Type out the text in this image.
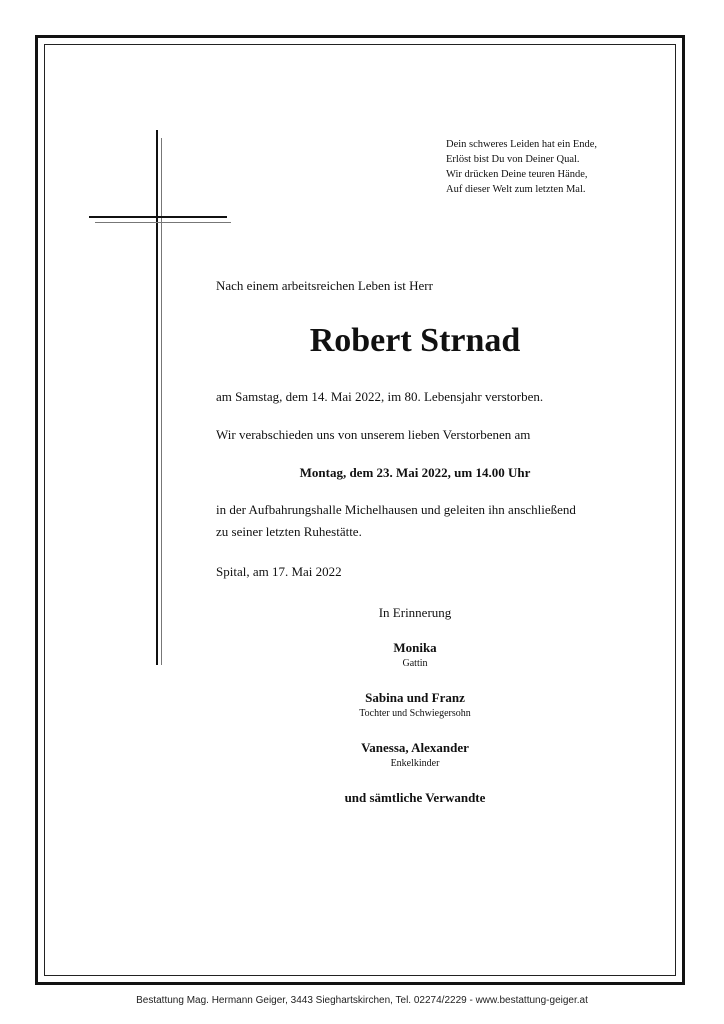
Dein schweres Leiden hat ein Ende,
Erlöst bist Du von Deiner Qual.
Wir drücken Deine teuren Hände,
Auf dieser Welt zum letzten Mal.
Nach einem arbeitsreichen Leben ist Herr
Robert Strnad
am Samstag, dem 14. Mai 2022, im 80. Lebensjahr verstorben.
Wir verabschieden uns von unserem lieben Verstorbenen am
Montag, dem 23. Mai 2022, um 14.00 Uhr
in der Aufbahrungshalle Michelhausen und geleiten ihn anschließend
zu seiner letzten Ruhestätte.
Spital, am 17. Mai 2022
In Erinnerung
Monika
Gattin
Sabina und Franz
Tochter und Schwiegersohn
Vanessa, Alexander
Enkelkinder
und sämtliche Verwandte
Bestattung Mag. Hermann Geiger, 3443 Sieghartskirchen, Tel. 02274/2229 - www.bestattung-geiger.at
